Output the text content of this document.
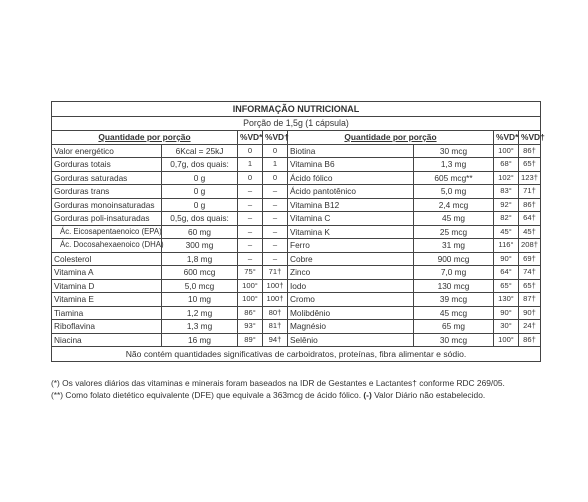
INFORMAÇÃO NUTRICIONAL							
Porção de 1,5g (1 cápsula)							
Quantidade por porção		%VD*	%VD†	Quantidade por porção		%VD*	%VD†
Valor energético	6Kcal = 25kJ	0	0	Biotina	30 mcg	100°	86†
Gorduras totais	0,7g, dos quais:	1	1	Vitamina B6	1,3 mg	68°	65†
Gorduras saturadas	0 g	0	0	Ácido fólico	605 mcg**	102°	123†
Gorduras trans	0 g	–	–	Ácido pantotênico	5,0 mg	83°	71†
Gorduras monoinsaturadas	0 g	–	–	Vitamina B12	2,4 mcg	92°	86†
Gorduras poli-insaturadas	0,5g, dos quais:	–	–	Vitamina C	45 mg	82°	64†
Ác. Eicosapentaenoico (EPA)	60 mg	–	–	Vitamina K	25 mcg	45°	45†
Ác. Docosahexaenoico (DHA)	300 mg	–	–	Ferro	31 mg	116°	208†
Colesterol	1,8 mg	–	–	Cobre	900 mcg	90°	69†
Vitamina A	600 mcg	75°	71†	Zinco	7,0 mg	64°	74†
Vitamina D	5,0 mcg	100°	100†	Iodo	130 mcg	65°	65†
Vitamina E	10 mg	100°	100†	Cromo	39 mcg	130°	87†
Tiamina	1,2 mg	86°	80†	Molibdênio	45 mcg	90°	90†
Riboflavina	1,3 mg	93°	81†	Magnésio	65 mg	30°	24†
Niacina	16 mg	89°	94†	Selênio	30 mcg	100°	86†
Não contém quantidades significativas de carboidratos, proteínas, fibra alimentar e sódio.							
(*) Os valores diários das vitaminas e minerais foram baseados na IDR de Gestantes e Lactantes† conforme RDC 269/05.
(**) Como folato dietético equivalente (DFE) que equivale a 363mcg de ácido fólico. (-) Valor Diário não estabelecido.
